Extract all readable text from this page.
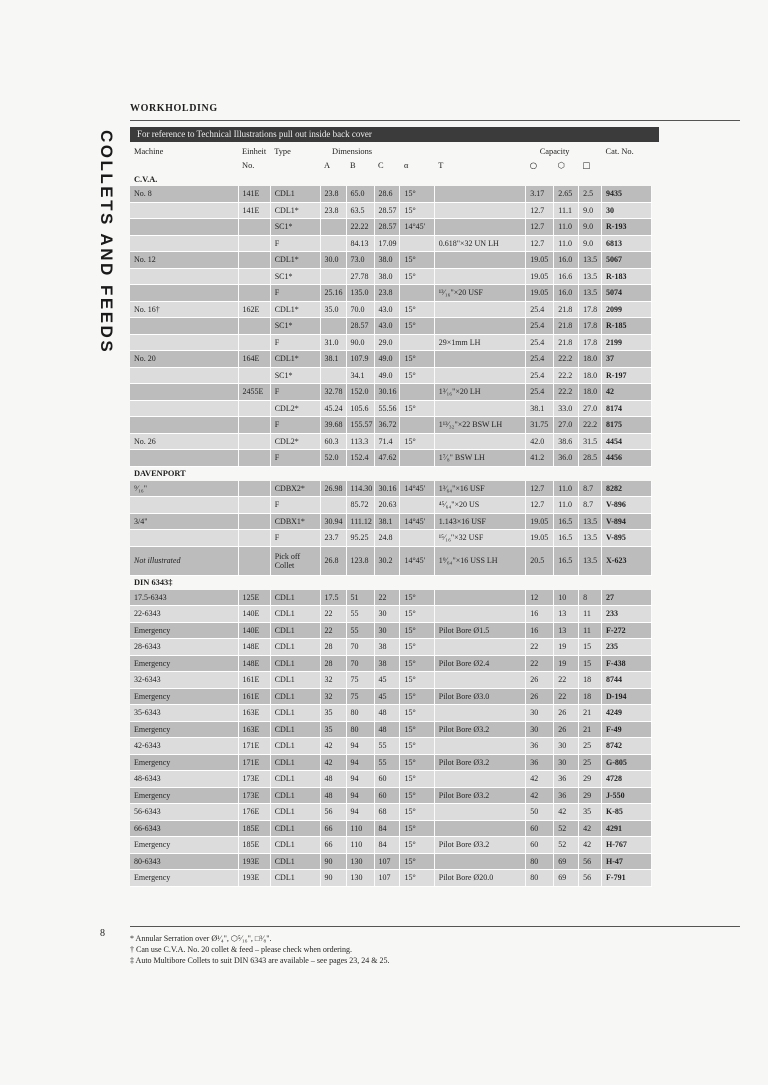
WORKHOLDING
COLLETS AND FEEDS	For reference to Technical Illustrations pull out inside back cover
Machine	Einheit	Type	Dimensions					Capacity			Cat. No.
	No.		A	B	C	α	T	○	⬡	□	
C.V.A.											
No. 8	141E	CDL1	23.8	65.0	28.6	15°		3.17	2.65	2.5	9435
	141E	CDL1*	23.8	63.5	28.57	15°		12.7	11.1	9.0	30
		SC1*		22.22	28.57	14°45'		12.7	11.0	9.0	R-193
		F		84.13	17.09		0.618"×32 UN LH	12.7	11.0	9.0	6813
No. 12		CDL1*	30.0	73.0	38.0	15°		19.05	16.0	13.5	5067
		SC1*		27.78	38.0	15°		19.05	16.6	13.5	R-183
		F	25.16	135.0	23.8		¹³⁄₁₆"×20 USF	19.05	16.0	13.5	5074
No. 16†	162E	CDL1*	35.0	70.0	43.0	15°		25.4	21.8	17.8	2099
		SC1*		28.57	43.0	15°		25.4	21.8	17.8	R-185
		F	31.0	90.0	29.0		29×1mm LH	25.4	21.8	17.8	2199
No. 20	164E	CDL1*	38.1	107.9	49.0	15°		25.4	22.2	18.0	37
		SC1*		34.1	49.0	15°		25.4	22.2	18.0	R-197
	2455E	F	32.78	152.0	30.16		1³⁄₁₆"×20 LH	25.4	22.2	18.0	42
		CDL2*	45.24	105.6	55.56	15°		38.1	33.0	27.0	8174
		F	39.68	155.57	36.72		1¹³⁄₃₂"×22 BSW LH	31.75	27.0	22.2	8175
No. 26		CDL2*	60.3	113.3	71.4	15°		42.0	38.6	31.5	4454
		F	52.0	152.4	47.62		1⁷⁄₈" BSW LH	41.2	36.0	28.5	4456
DAVENPORT											
⁹⁄₁₆"		CDBX2*	26.98	114.30	30.16	14°45'	1³⁄₆₄"×16 USF	12.7	11.0	8.7	8282
		F		85.72	20.63		⁴⁵⁄₆₄"×20 US	12.7	11.0	8.7	V-896
3/4"		CDBX1*	30.94	111.12	38.1	14°45'	1.143×16 USF	19.05	16.5	13.5	V-894
		F	23.7	95.25	24.8		¹⁵⁄₁₆"×32 USF	19.05	16.5	13.5	V-895
Not illustrated		Pick off Collet	26.8	123.8	30.2	14°45'	1⁹⁄₆₄"×16 USS LH	20.5	16.5	13.5	X-623
DIN 6343‡											
17.5-6343	125E	CDL1	17.5	51	22	15°		12	10	8	27
22-6343	140E	CDL1	22	55	30	15°		16	13	11	233
Emergency	140E	CDL1	22	55	30	15°	Pilot Bore Ø1.5	16	13	11	F-272
28-6343	148E	CDL1	28	70	38	15°		22	19	15	235
Emergency	148E	CDL1	28	70	38	15°	Pilot Bore Ø2.4	22	19	15	F-438
32-6343	161E	CDL1	32	75	45	15°		26	22	18	8744
Emergency	161E	CDL1	32	75	45	15°	Pilot Bore Ø3.0	26	22	18	D-194
35-6343	163E	CDL1	35	80	48	15°		30	26	21	4249
Emergency	163E	CDL1	35	80	48	15°	Pilot Bore Ø3.2	30	26	21	F-49
42-6343	171E	CDL1	42	94	55	15°		36	30	25	8742
Emergency	171E	CDL1	42	94	55	15°	Pilot Bore Ø3.2	36	30	25	G-805
48-6343	173E	CDL1	48	94	60	15°		42	36	29	4728
Emergency	173E	CDL1	48	94	60	15°	Pilot Bore Ø3.2	42	36	29	J-550
56-6343	176E	CDL1	56	94	68	15°		50	42	35	K-85
66-6343	185E	CDL1	66	110	84	15°		60	52	42	4291
Emergency	185E	CDL1	66	110	84	15°	Pilot Bore Ø3.2	60	52	42	H-767
80-6343	193E	CDL1	90	130	107	15°		80	69	56	H-47
Emergency	193E	CDL1	90	130	107	15°	Pilot Bore Ø20.0	80	69	56	F-791
8	* Annular Serration over Ø¹⁄₄", ⬡⁵⁄₁₆", □³⁄₈".
† Can use C.V.A. No. 20 collet & feed – please check when ordering.
‡ Auto Multibore Collets to suit DIN 6343 are available – see pages 23, 24 & 25.
